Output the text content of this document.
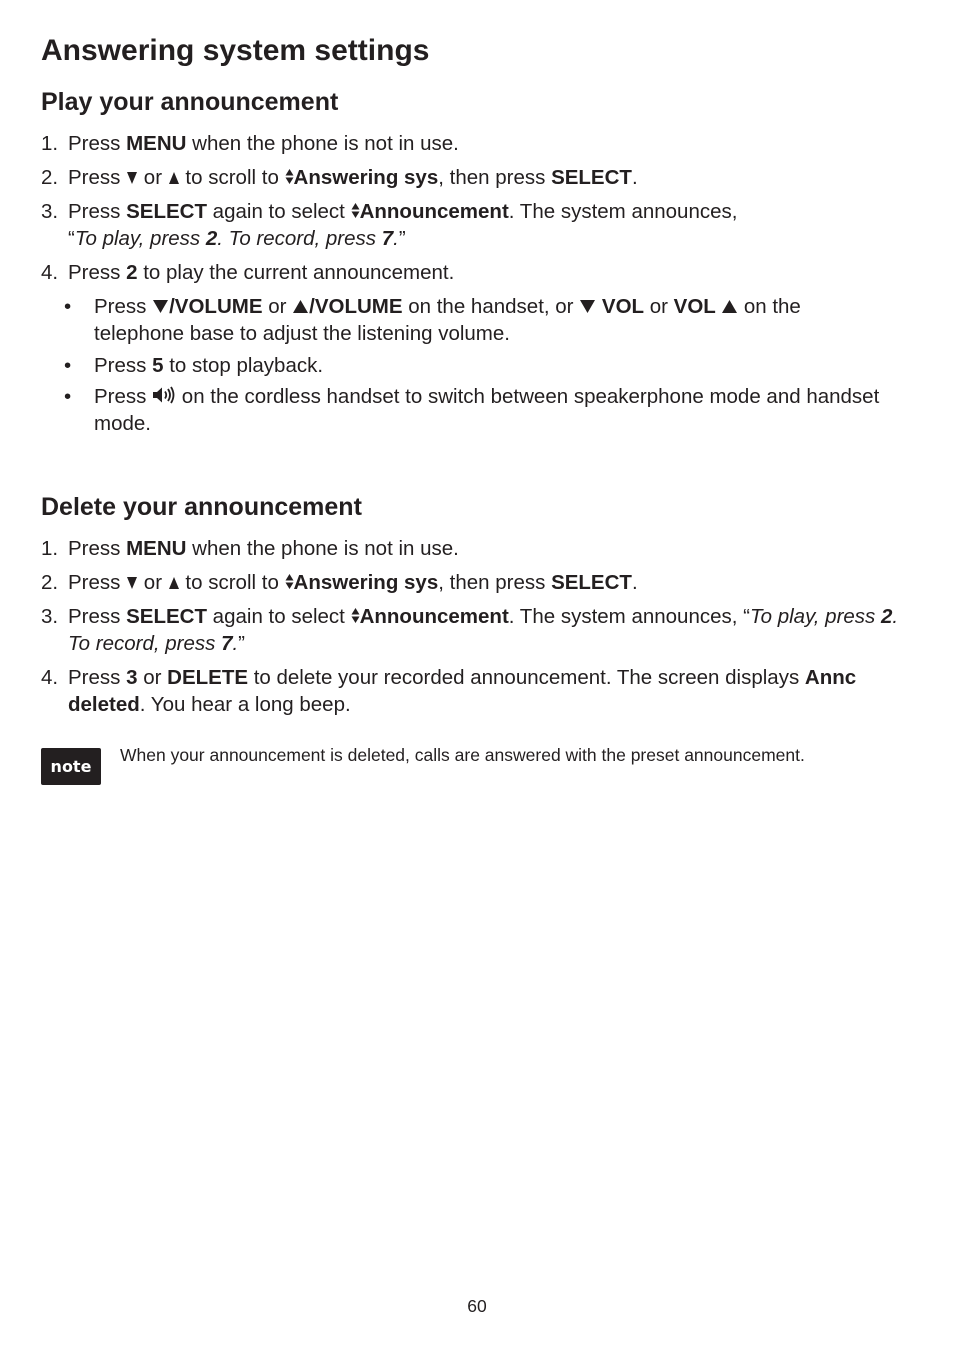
Answering system settings
Play your announcement
1. Press MENU when the phone is not in use.
2. Press  or  to scroll to Answering sys, then press SELECT.
3. Press SELECT again to select Announcement. The system announces,
“To play, press 2. To record, press 7.”
4. Press 2 to play the current announcement.
• Press /VOLUME or /VOLUME on the handset, or  VOL or VOL  on the telephone base to adjust the listening volume.
• Press 5 to stop playback.
• Press  on the cordless handset to switch between speakerphone mode and handset mode.
Delete your announcement
1. Press MENU when the phone is not in use.
2. Press  or  to scroll to Answering sys, then press SELECT.
3. Press SELECT again to select Announcement. The system announces, “To play, press 2. To record, press 7.”
4. Press 3 or DELETE to delete your recorded announcement. The screen displays Annc deleted. You hear a long beep.
note
When your announcement is deleted, calls are answered with the preset announcement.
60
